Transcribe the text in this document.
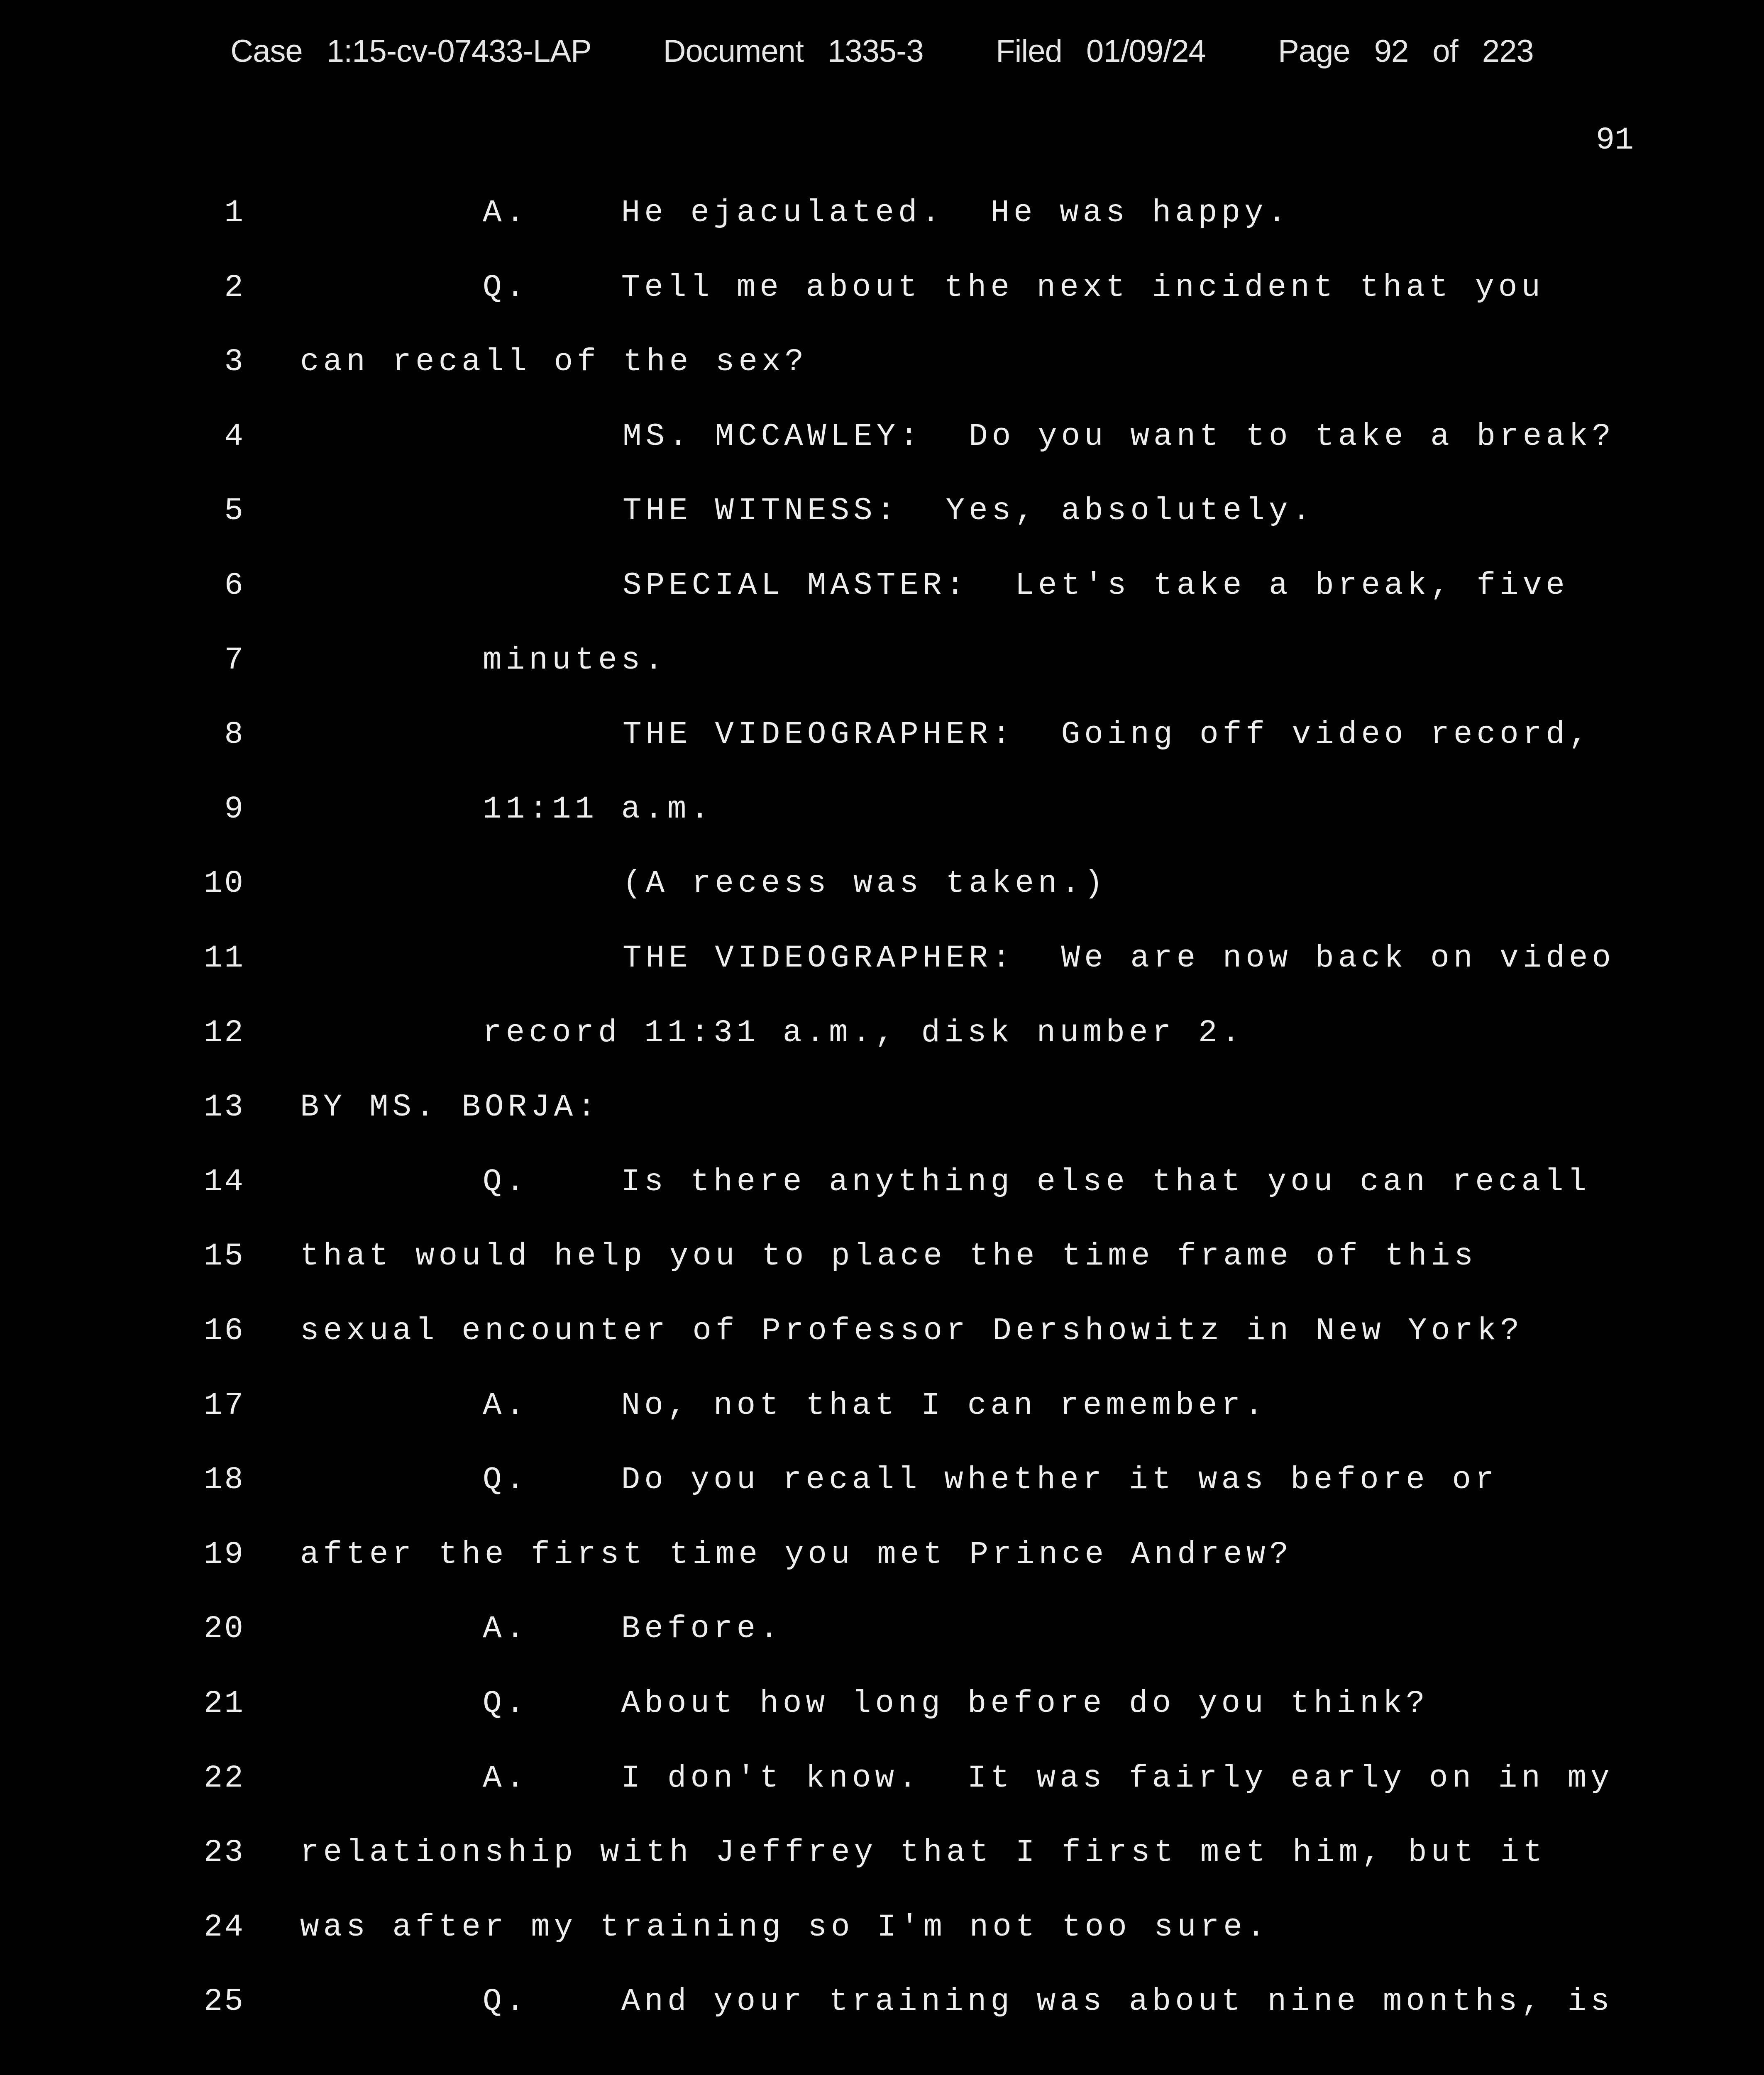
Case 1:15-cv-07433-LAP   Document 1335-3   Filed 01/09/24   Page 92 of 223
91
1	A.    He ejaculated.  He was happy.
2	Q.    Tell me about the next incident that you
3 can recall of the sex?
4	MS. MCCAWLEY:  Do you want to take a break?
5	THE WITNESS:  Yes, absolutely.
6	SPECIAL MASTER:  Let's take a break, five
7	minutes.
8	THE VIDEOGRAPHER:  Going off video record,
9	11:11 a.m.
10	(A recess was taken.)
11	THE VIDEOGRAPHER:  We are now back on video
12	record 11:31 a.m., disk number 2.
13 BY MS. BORJA:
14	Q.    Is there anything else that you can recall
15 that would help you to place the time frame of this
16 sexual encounter of Professor Dershowitz in New York?
17	A.    No, not that I can remember.
18	Q.    Do you recall whether it was before or
19 after the first time you met Prince Andrew?
20	A.    Before.
21	Q.    About how long before do you think?
22	A.    I don't know.  It was fairly early on in my
23 relationship with Jeffrey that I first met him, but it
24 was after my training so I'm not too sure.
25	Q.    And your training was about nine months, is
